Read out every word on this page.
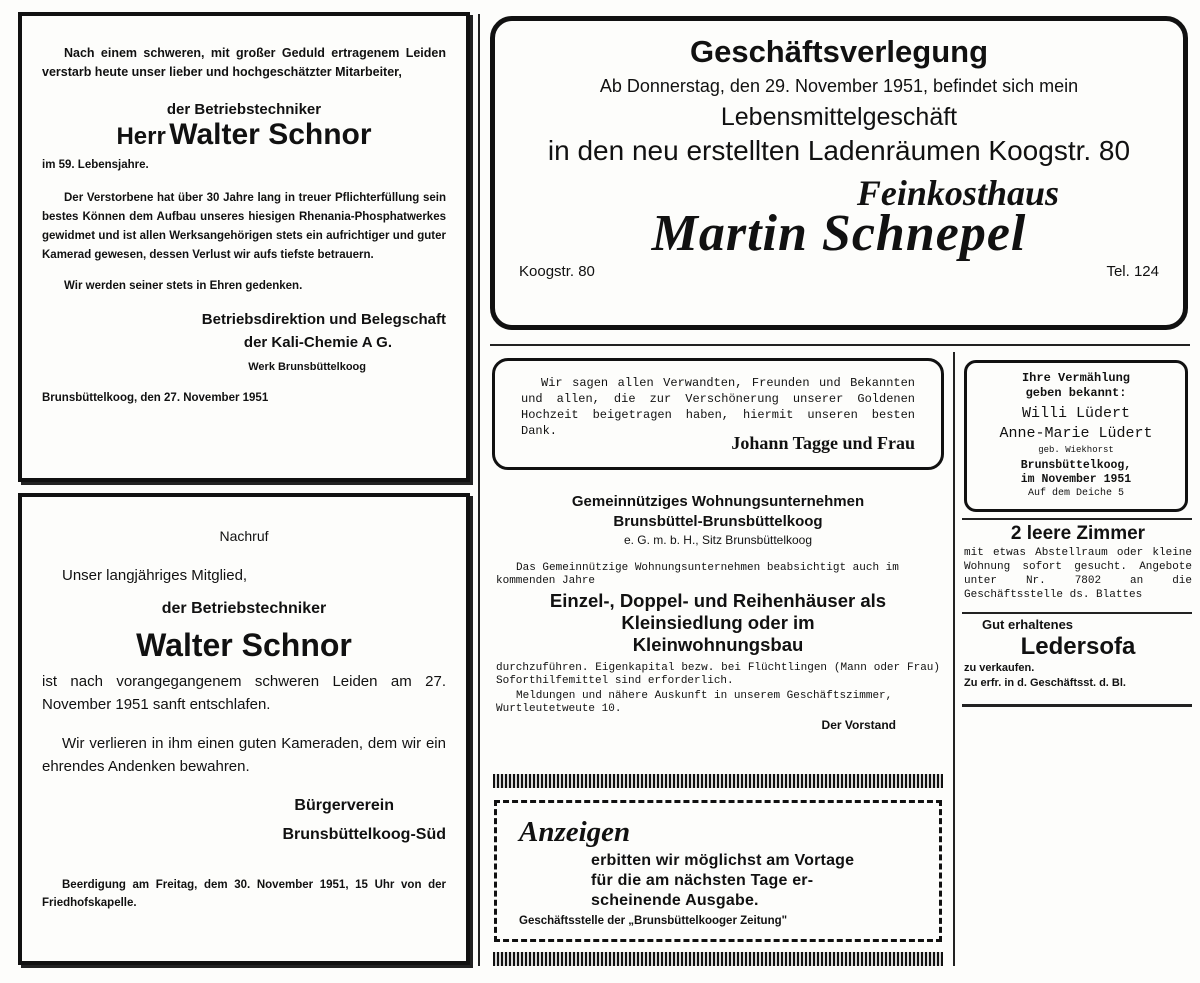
Nach einem schweren, mit großer Geduld ertragenem Leiden verstarb heute unser lieber und hochgeschätzter Mitarbeiter,

der Betriebstechniker

Herr Walter Schnor

im 59. Lebensjahre.

Der Verstorbene hat über 30 Jahre lang in treuer Pflichterfüllung sein bestes Können dem Aufbau unseres hiesigen Rhenania-Phosphatwerkes gewidmet und ist allen Werksangehörigen stets ein aufrichtiger und guter Kamerad gewesen, dessen Verlust wir aufs tiefste betrauern.

Wir werden seiner stets in Ehren gedenken.

Betriebsdirektion und Belegschaft

der Kali-Chemie A G.

Werk Brunsbüttelkoog

Brunsbüttelkoog, den 27. November 1951

Nachruf

Unser langjähriges Mitglied,

der Betriebstechniker

Walter Schnor

ist nach vorangegangenem schweren Leiden am 27. November 1951 sanft entschlafen.

Wir verlieren in ihm einen guten Kameraden, dem wir ein ehrendes Andenken bewahren.

Bürgerverein

Brunsbüttelkoog-Süd

Beerdigung am Freitag, dem 30. November 1951, 15 Uhr von der Friedhofskapelle.

Geschäftsverlegung

Ab Donnerstag, den 29. November 1951, befindet sich mein

Lebensmittelgeschäft

in den neu erstellten Ladenräumen Koogstr. 80

Feinkosthaus

Martin Schnepel

Koogstr. 80	Tel. 124

Wir sagen allen Verwandten, Freunden und Bekannten und allen, die zur Verschönerung unserer Goldenen Hochzeit beigetragen haben, hiermit unseren besten Dank.

Johann Tagge und Frau

Gemeinnütziges Wohnungsunternehmen

Brunsbüttel-Brunsbüttelkoog

e. G. m. b. H., Sitz Brunsbüttelkoog

Das Gemeinnützige Wohnungsunternehmen beabsichtigt auch im kommenden Jahre

Einzel-, Doppel- und Reihenhäuser als

Kleinsiedlung oder im

Kleinwohnungsbau

durchzuführen. Eigenkapital bezw. bei Flüchtlingen (Mann oder Frau) Soforthilfemittel sind erforderlich.

Meldungen und nähere Auskunft in unserem Geschäftszimmer, Wurtleutetweute 10.

Der Vorstand

Anzeigen

erbitten wir möglichst am Vortage

für die am nächsten Tage er-

scheinende Ausgabe.

Geschäftsstelle der „Brunsbüttelkooger Zeitung"

Ihre Vermählung

geben bekannt:

Willi Lüdert

Anne-Marie Lüdert

geb. Wiekhorst

Brunsbüttelkoog,

im November 1951

Auf dem Deiche 5

2 leere Zimmer

mit etwas Abstellraum oder kleine Wohnung sofort gesucht. Angebote unter Nr. 7802 an die Geschäftsstelle ds. Blattes

Gut erhaltenes

Ledersofa

zu verkaufen.

Zu erfr. in d. Geschäftsst. d. Bl.
